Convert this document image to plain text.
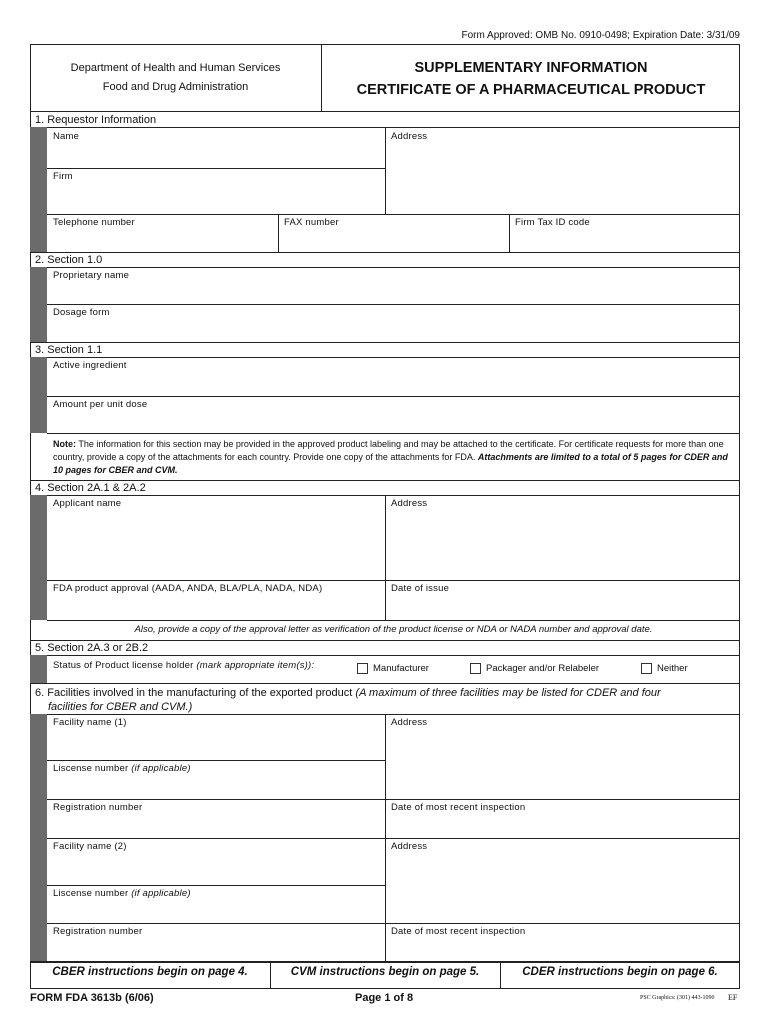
Form Approved: OMB No. 0910-0498; Expiration Date: 3/31/09
Department of Health and Human Services
Food and Drug Administration
SUPPLEMENTARY INFORMATION
CERTIFICATE OF A PHARMACEUTICAL PRODUCT
1. Requestor Information
Name	Address
Firm
Telephone number	FAX number	Firm Tax ID code
2. Section 1.0
Proprietary name
Dosage form
3. Section 1.1
Active ingredient
Amount per unit dose
Note: The information for this section may be provided in the approved product labeling and may be attached to the certificate. For certificate requests for more than one country, provide a copy of the attachments for each country. Provide one copy of the attachments for FDA. Attachments are limited to a total of 5 pages for CDER and 10 pages for CBER and CVM.
4. Section 2A.1 & 2A.2
Applicant name	Address
FDA product approval (AADA, ANDA, BLA/PLA, NADA, NDA)	Date of issue
Also, provide a copy of the approval letter as verification of the product license or NDA or NADA number and approval date.
5. Section 2A.3 or 2B.2
Status of Product license holder (mark appropriate item(s)):	Manufacturer	Packager and/or Relabeler	Neither
6. Facilities involved in the manufacturing of the exported product (A maximum of three facilities may be listed for CDER and four
facilities for CBER and CVM.)
Facility name (1)	Address
Liscense number (if applicable)
Registration number	Date of most recent inspection
Facility name (2)	Address
Liscense number (if applicable)
Registration number	Date of most recent inspection
CBER instructions begin on page 4.	CVM instructions begin on page 5.	CDER instructions begin on page 6.
FORM FDA 3613b (6/06)	Page 1 of 8	PSC Graphics: (301) 443-1090 EF
